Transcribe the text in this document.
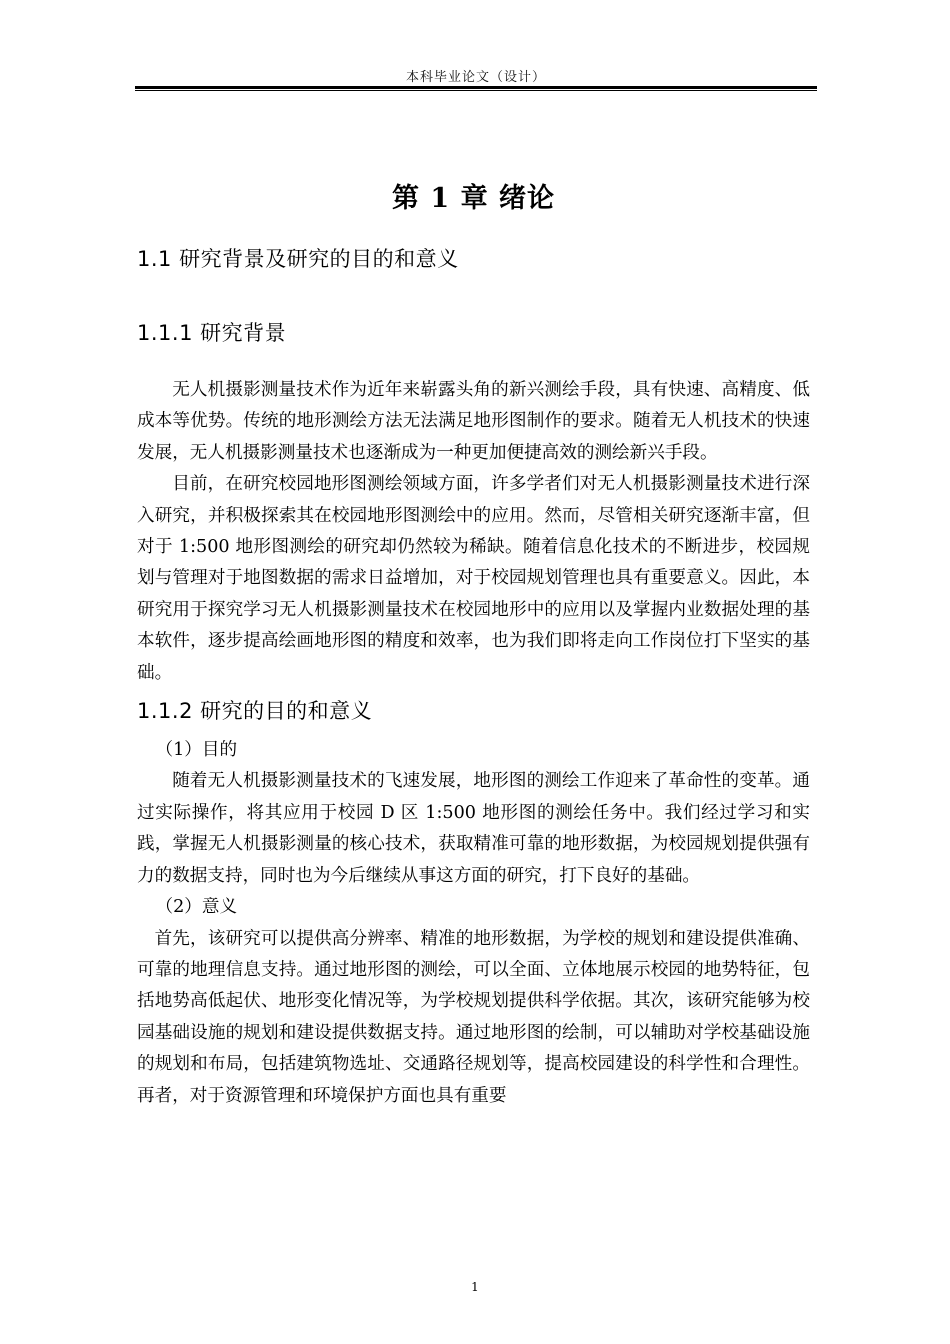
本科毕业论文（设计）
第 1 章 绪论
1.1 研究背景及研究的目的和意义
1.1.1 研究背景

无人机摄影测量技术作为近年来崭露头角的新兴测绘手段，具有快速、高精度、低成本等优势。传统的地形测绘方法无法满足地形图制作的要求。随着无人机技术的快速发展，无人机摄影测量技术也逐渐成为一种更加便捷高效的测绘新兴手段。

目前，在研究校园地形图测绘领域方面，许多学者们对无人机摄影测量技术进行深入研究，并积极探索其在校园地形图测绘中的应用。然而，尽管相关研究逐渐丰富，但对于 1:500 地形图测绘的研究却仍然较为稀缺。随着信息化技术的不断进步，校园规划与管理对于地图数据的需求日益增加，对于校园规划管理也具有重要意义。因此，本研究用于探究学习无人机摄影测量技术在校园地形中的应用以及掌握内业数据处理的基本软件，逐步提高绘画地形图的精度和效率，也为我们即将走向工作岗位打下坚实的基础。

1.1.2 研究的目的和意义

（1）目的

随着无人机摄影测量技术的飞速发展，地形图的测绘工作迎来了革命性的变革。通过实际操作，将其应用于校园 D 区 1:500 地形图的测绘任务中。我们经过学习和实践，掌握无人机摄影测量的核心技术，获取精准可靠的地形数据，为校园规划提供强有力的数据支持，同时也为今后继续从事这方面的研究，打下良好的基础。

（2）意义

首先，该研究可以提供高分辨率、精准的地形数据，为学校的规划和建设提供准确、可靠的地理信息支持。通过地形图的测绘，可以全面、立体地展示校园的地势特征，包括地势高低起伏、地形变化情况等，为学校规划提供科学依据。其次，该研究能够为校园基础设施的规划和建设提供数据支持。通过地形图的绘制，可以辅助对学校基础设施的规划和布局，包括建筑物选址、交通路径规划等，提高校园建设的科学性和合理性。再者，对于资源管理和环境保护方面也具有重要

1
